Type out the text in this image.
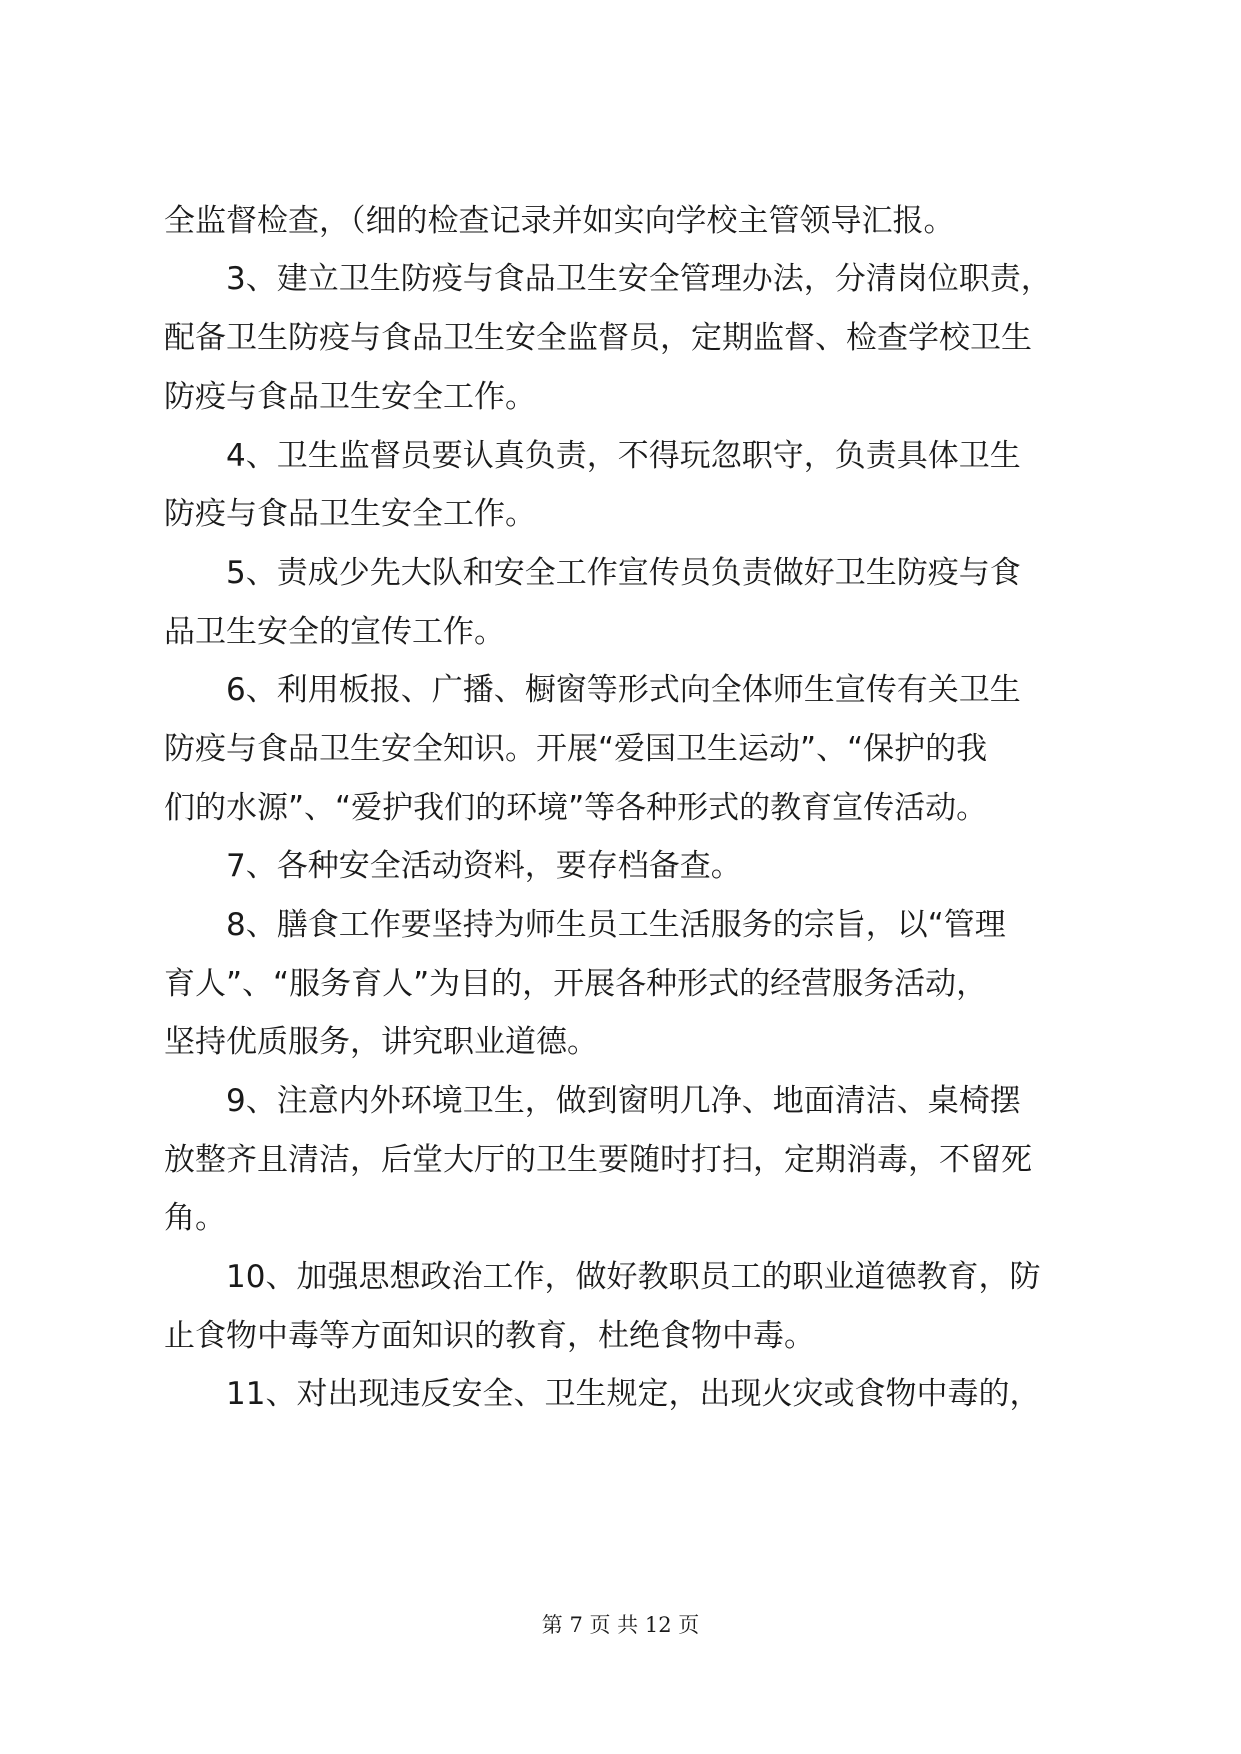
全监督检查，（细的检查记录并如实向学校主管领导汇报。
3、建立卫生防疫与食品卫生安全管理办法，分清岗位职责，
配备卫生防疫与食品卫生安全监督员，定期监督、检查学校卫生
防疫与食品卫生安全工作。
4、卫生监督员要认真负责，不得玩忽职守，负责具体卫生
防疫与食品卫生安全工作。
5、责成少先大队和安全工作宣传员负责做好卫生防疫与食
品卫生安全的宣传工作。
6、利用板报、广播、橱窗等形式向全体师生宣传有关卫生
防疫与食品卫生安全知识。开展“爱国卫生运动”、“保护的我
们的水源”、“爱护我们的环境”等各种形式的教育宣传活动。
7、各种安全活动资料，要存档备查。
8、膳食工作要坚持为师生员工生活服务的宗旨，以“管理
育人”、“服务育人”为目的，开展各种形式的经营服务活动，
坚持优质服务，讲究职业道德。
9、注意内外环境卫生，做到窗明几净、地面清洁、桌椅摆
放整齐且清洁，后堂大厅的卫生要随时打扫，定期消毒，不留死
角。
10、加强思想政治工作，做好教职员工的职业道德教育，防
止食物中毒等方面知识的教育，杜绝食物中毒。
11、对出现违反安全、卫生规定，出现火灾或食物中毒的，
第 7 页 共 12 页
